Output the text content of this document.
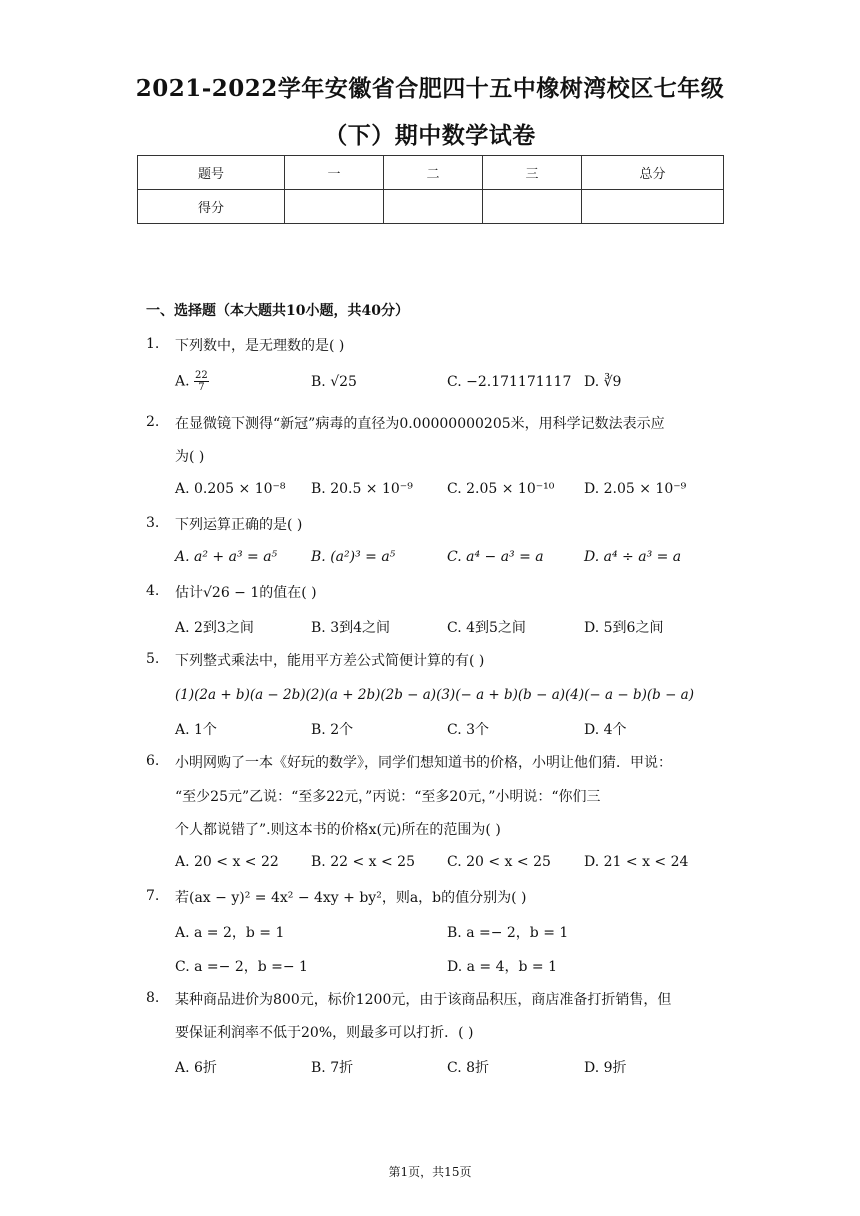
2021-2022学年安徽省合肥四十五中橡树湾校区七年级
（下）期中数学试卷
题号	一	二	三	总分
得分				
一、选择题（本大题共10小题，共40分）
1. 下列数中，是无理数的是( )
A. $\frac{22}{7}$	B. √25	C. −2.171171117 D. ∛9
2. 在显微镜下测得“新冠”病毒的直径为0.00000000205米，用科学记数法表示应
为( )
A. 0.205 × 10⁻⁸ B. 20.5 × 10⁻⁹ C. 2.05 × 10⁻¹⁰ D. 2.05 × 10⁻⁹
3. 下列运算正确的是( )
A. a² + a³ = a⁵ B. (a²)³ = a⁵	C. a⁴ − a³ = a	D. a⁴ ÷ a³ = a
4. 估计√26 − 1的值在( )
A. 2到3之间	B. 3到4之间	C. 4到5之间	D. 5到6之间
5. 下列整式乘法中，能用平方差公式简便计算的有( )
(1)(2a + b)(a − 2b)(2)(a + 2b)(2b − a)(3)(− a + b)(b − a)(4)(− a − b)(b − a)
A. 1个	B. 2个	C. 3个	D. 4个
6. 小明网购了一本《好玩的数学》，同学们想知道书的价格，小明让他们猜．甲说：
“至少25元”乙说：“至多22元，”丙说：“至多20元，”小明说：“你们三
个人都说错了”.则这本书的价格x(元)所在的范围为( )
A. 20 < x < 22 B. 22 < x < 25 C. 20 < x < 25 D. 21 < x < 24
7. 若(ax − y)² = 4x² − 4xy + by²，则a，b的值分别为( )
A. a = 2，b = 1	B. a =− 2，b = 1
C. a =− 2，b =− 1	D. a = 4，b = 1
8. 某种商品进价为800元，标价1200元，由于该商品积压，商店准备打折销售，但
要保证利润率不低于20%，则最多可以打折．( )
A. 6折	B. 7折	C. 8折	D. 9折
第1页，共15页
